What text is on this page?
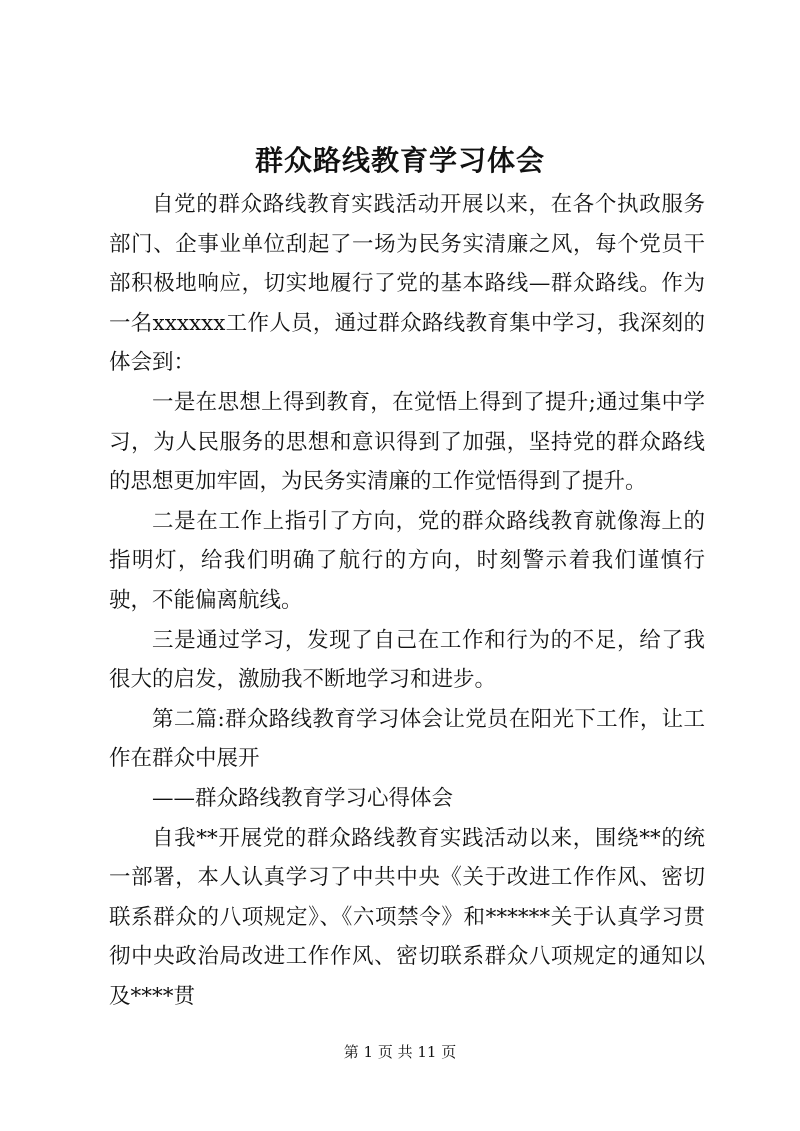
群众路线教育学习体会

自党的群众路线教育实践活动开展以来，在各个执政服务部门、企事业单位刮起了一场为民务实清廉之风，每个党员干部积极地响应，切实地履行了党的基本路线—群众路线。作为一名xxxxxx工作人员，通过群众路线教育集中学习，我深刻的体会到：

一是在思想上得到教育，在觉悟上得到了提升;通过集中学习，为人民服务的思想和意识得到了加强，坚持党的群众路线的思想更加牢固，为民务实清廉的工作觉悟得到了提升。

二是在工作上指引了方向，党的群众路线教育就像海上的指明灯，给我们明确了航行的方向，时刻警示着我们谨慎行驶，不能偏离航线。

三是通过学习，发现了自己在工作和行为的不足，给了我很大的启发，激励我不断地学习和进步。

第二篇:群众路线教育学习体会让党员在阳光下工作，让工作在群众中展开

——群众路线教育学习心得体会

自我**开展党的群众路线教育实践活动以来，围绕**的统一部署，本人认真学习了中共中央《关于改进工作作风、密切联系群众的八项规定》、《六项禁令》和******关于认真学习贯彻中央政治局改进工作作风、密切联系群众八项规定的通知以及****贯

第 1 页 共 11 页
